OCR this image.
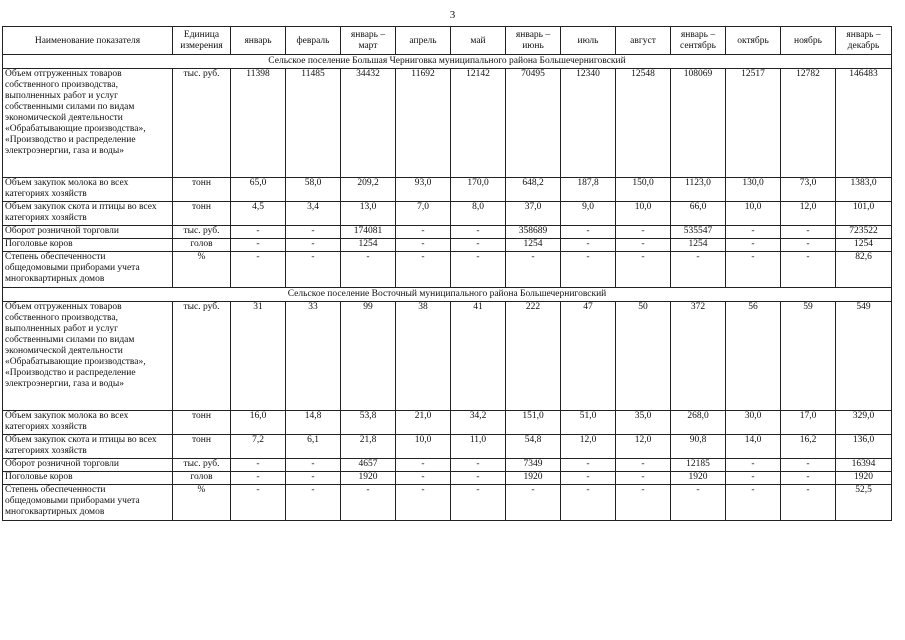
3
Наименование показателя	Единица измерения	январь	февраль	январь – март	апрель	май	январь – июнь	июль	август	январь – сентябрь	октябрь	ноябрь	январь – декабрь
Сельское поселение Большая Черниговка муниципального района Большечерниговский													
Объем отгруженных товаров собственного производства, выполненных работ и услуг собственными силами по видам экономической деятельности «Обрабатывающие производства», «Производство и распределение электроэнергии, газа и воды»	тыс. руб.	11398	11485	34432	11692	12142	70495	12340	12548	108069	12517	12782	146483
Объем закупок молока во всех категориях хозяйств	тонн	65,0	58,0	209,2	93,0	170,0	648,2	187,8	150,0	1123,0	130,0	73,0	1383,0
Объем закупок скота и птицы во всех категориях хозяйств	тонн	4,5	3,4	13,0	7,0	8,0	37,0	9,0	10,0	66,0	10,0	12,0	101,0
Оборот розничной торговли	тыс. руб.	-	-	174081	-	-	358689	-	-	535547	-	-	723522
Поголовье коров	голов	-	-	1254	-	-	1254	-	-	1254	-	-	1254
Степень обеспеченности общедомовыми приборами учета многоквартирных домов	%	-	-	-	-	-	-	-	-	-	-	-	82,6
Сельское поселение Восточный муниципального района Большечерниговский													
Объем отгруженных товаров собственного производства, выполненных работ и услуг собственными силами по видам экономической деятельности «Обрабатывающие производства», «Производство и распределение электроэнергии, газа и воды»	тыс. руб.	31	33	99	38	41	222	47	50	372	56	59	549
Объем закупок молока во всех категориях хозяйств	тонн	16,0	14,8	53,8	21,0	34,2	151,0	51,0	35,0	268,0	30,0	17,0	329,0
Объем закупок скота и птицы во всех категориях хозяйств	тонн	7,2	6,1	21,8	10,0	11,0	54,8	12,0	12,0	90,8	14,0	16,2	136,0
Оборот розничной торговли	тыс. руб.	-	-	4657	-	-	7349	-	-	12185	-	-	16394
Поголовье коров	голов	-	-	1920	-	-	1920	-	-	1920	-	-	1920
Степень обеспеченности общедомовыми приборами учета многоквартирных домов	%	-	-	-	-	-	-	-	-	-	-	-	52,5
